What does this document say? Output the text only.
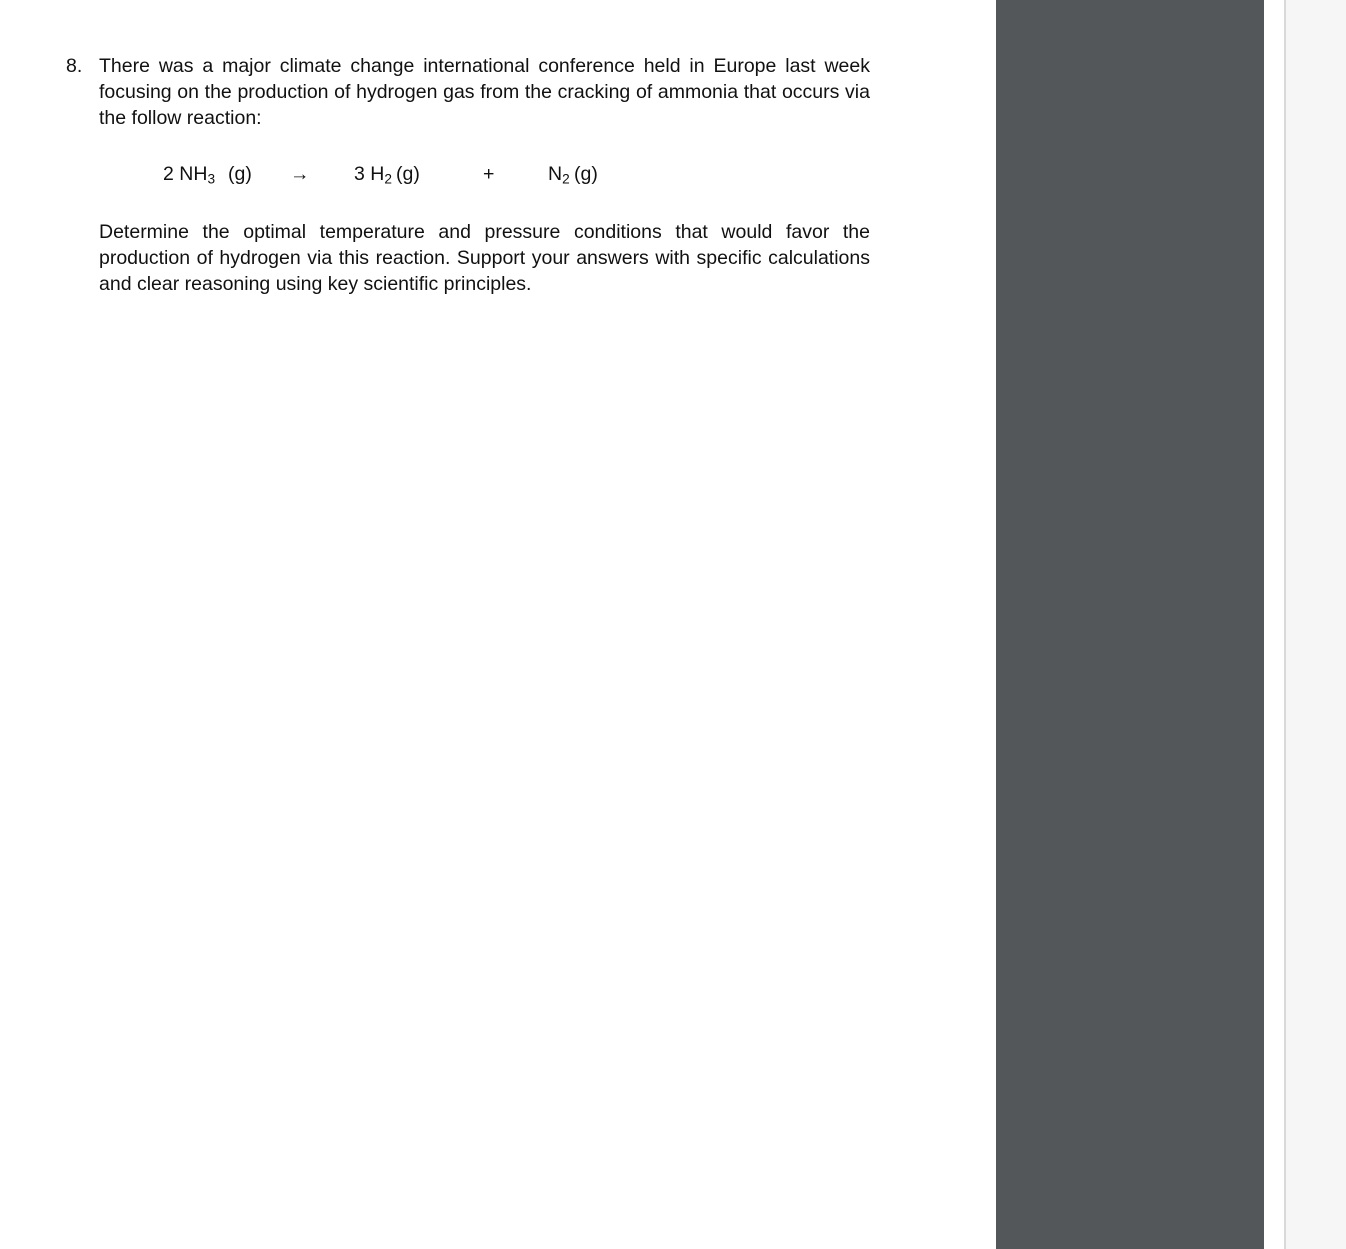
8. There was a major climate change international conference held in Europe last week focusing on the production of hydrogen gas from the cracking of ammonia that occurs via the follow reaction:
2 $NH_3$ (g) → 3 $H_2$ (g)	+	$N_2$ (g)
Determine the optimal temperature and pressure conditions that would favor the production of hydrogen via this reaction. Support your answers with specific calculations and clear reasoning using key scientific principles.
